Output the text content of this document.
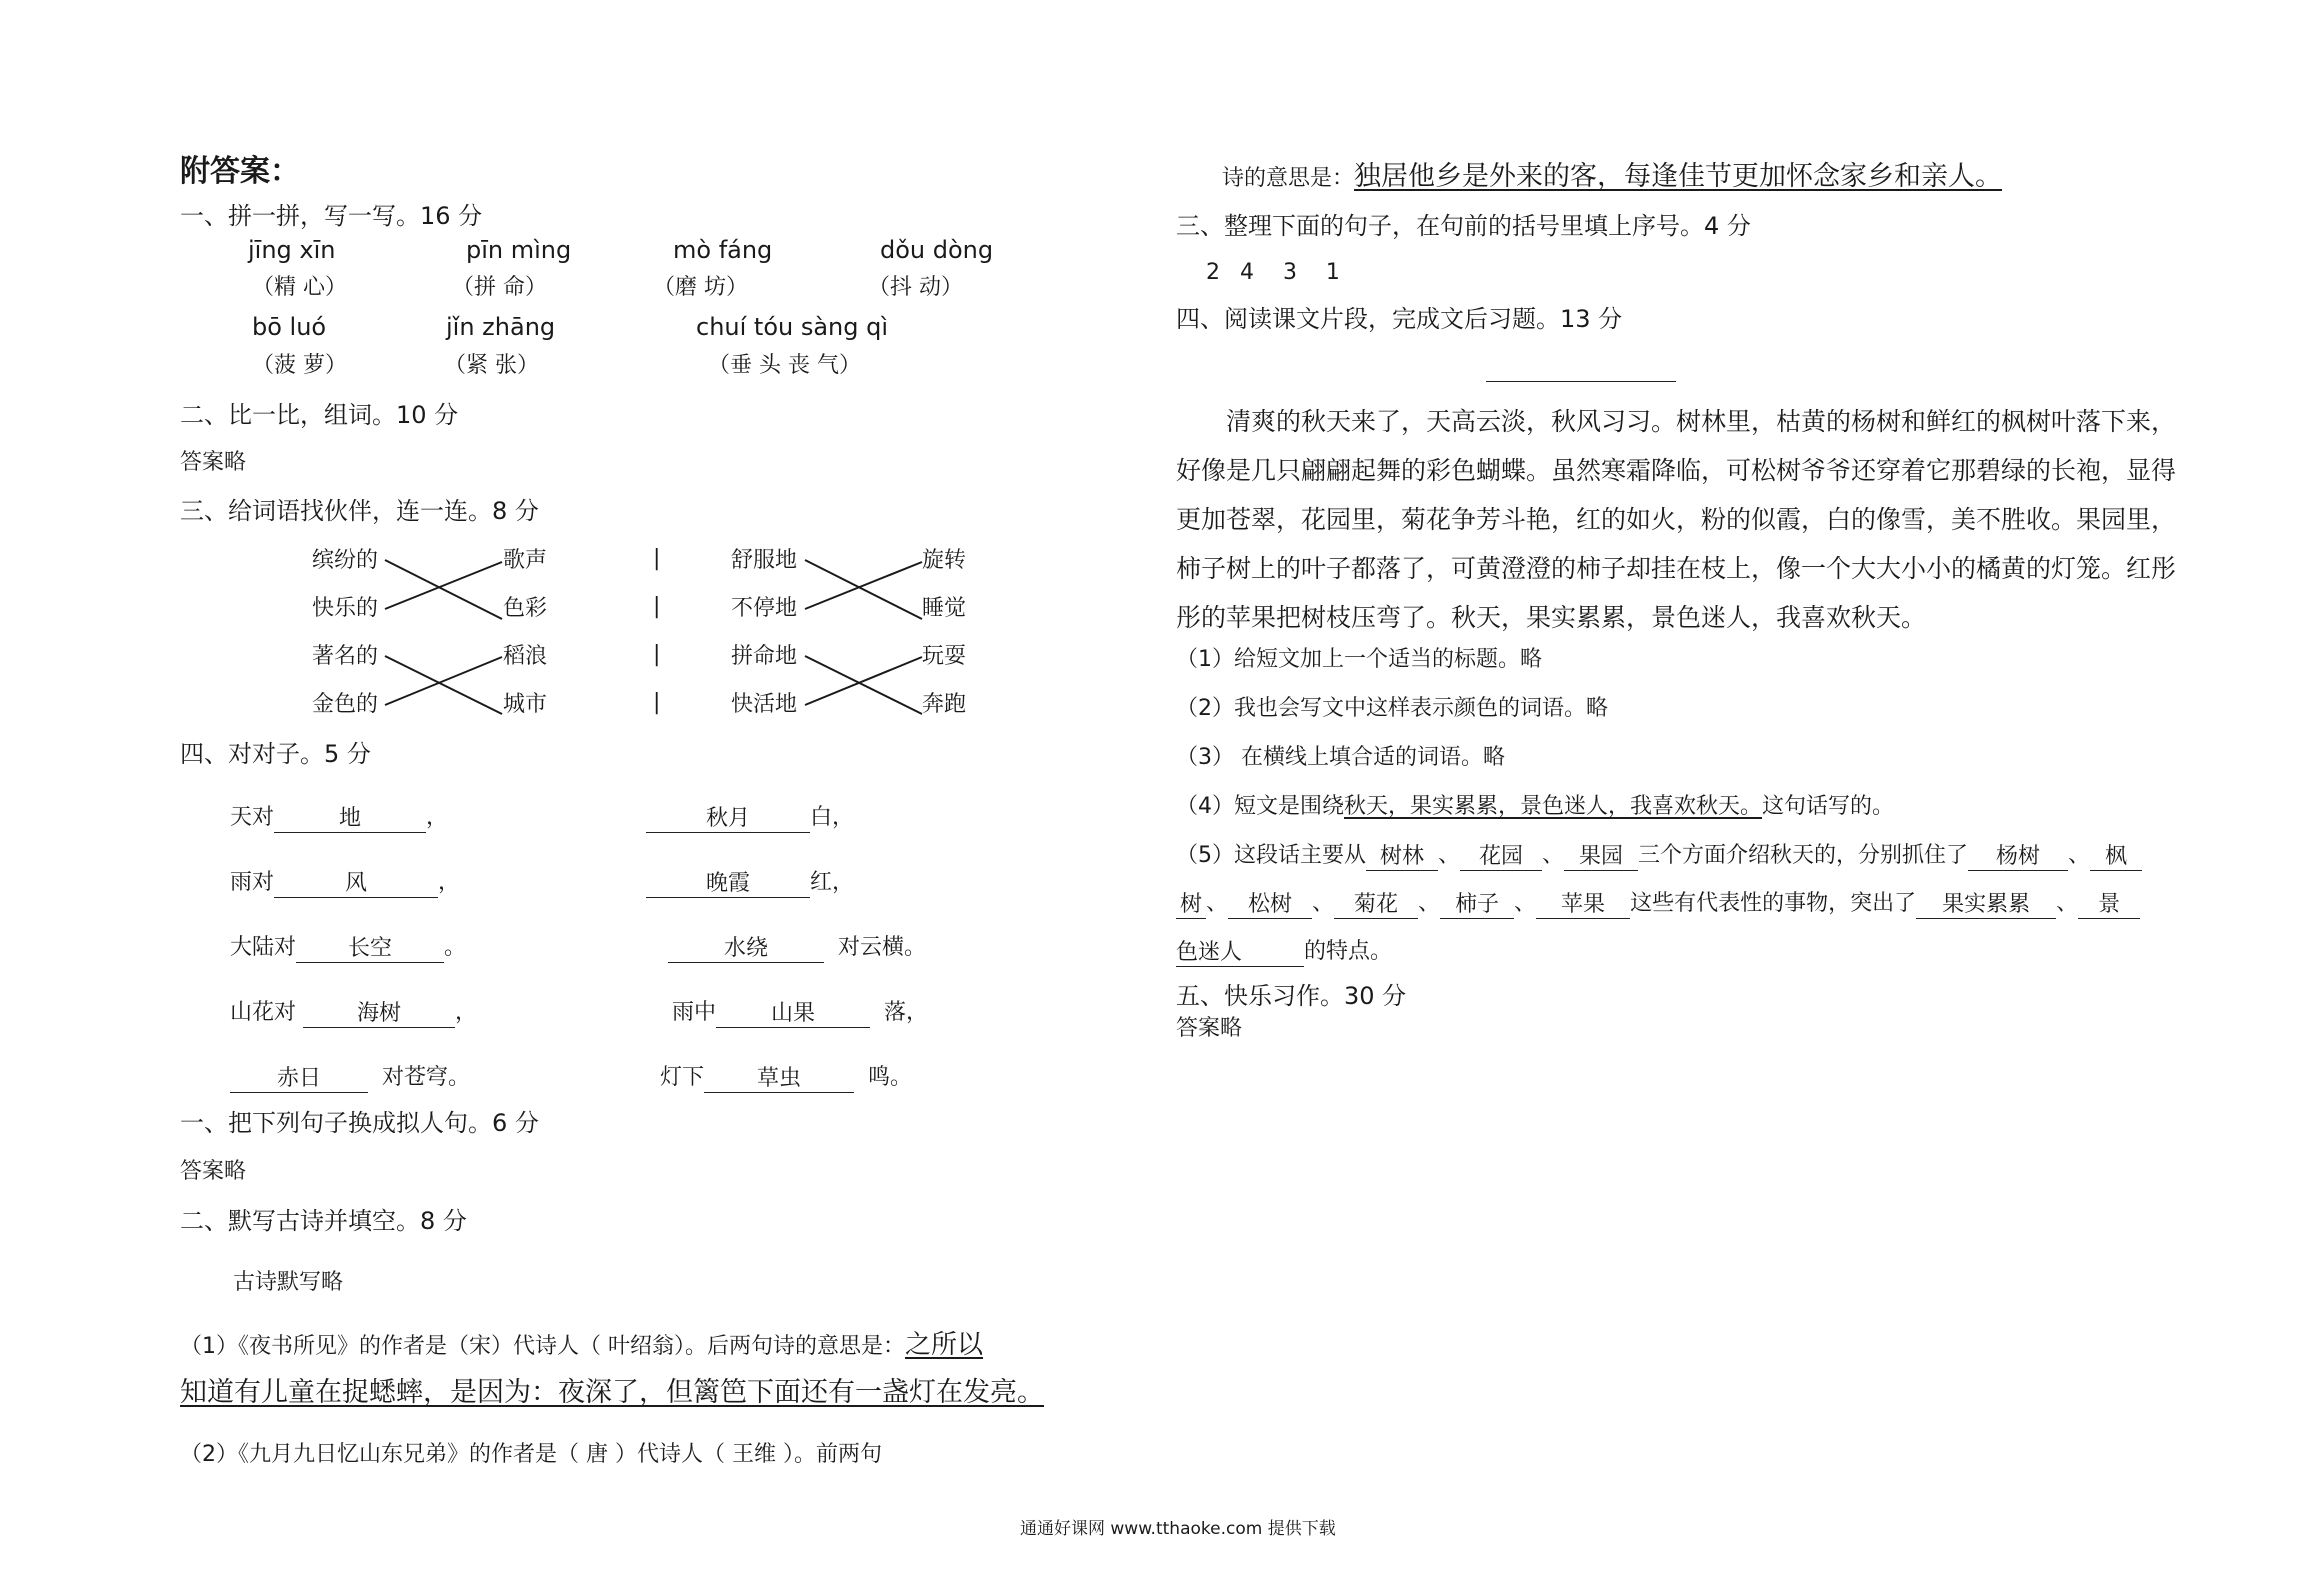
附答案：
一、拼一拼，写一写。16 分
jīng xīn	pīn mìng	mò fáng	dǒu dòng
（精 心）	（拼 命）	（磨 坊）	（抖 动）
bō luó	jǐn zhāng	chuí tóu sàng qì
（菠 萝）	（紧 张）	（垂 头 丧 气）
二、比一比，组词。10 分
答案略
三、给词语找伙伴，连一连。8 分
缤纷的
快乐的
著名的
金色的
歌声
色彩
稻浪
城市
|
|
|
|
舒服地
不停地
拼命地
快活地
旋转
睡觉
玩耍
奔跑
四、对对子。5 分
天对	地	，	秋月	白，
雨对	风	，	晚霞	红，
大陆对 长空 。	水绕	对云横。
山花对	海树 ，	雨中 山果	落，
赤日	对苍穹。	灯下 草虫	鸣。
一、把下列句子换成拟人句。6 分
答案略
二、默写古诗并填空。8 分
古诗默写略
（1）《夜书所见》的作者是（宋）代诗人（ 叶绍翁）。后两句诗的意思是：之所以
知道有儿童在捉蟋蟀，是因为：夜深了，但篱笆下面还有一盏灯在发亮。
（2）《九月九日忆山东兄弟》的作者是（ 唐 ）代诗人（ 王维 ）。前两句
诗的意思是：独居他乡是外来的客，每逢佳节更加怀念家乡和亲人。
三、整理下面的句子，在句前的括号里填上序号。4 分
2  4   3   1
四、阅读课文片段，完成文后习题。13 分

清爽的秋天来了，天高云淡，秋风习习。树林里，枯黄的杨树和鲜红的枫树叶落下来，好像是几只翩翩起舞的彩色蝴蝶。虽然寒霜降临，可松树爷爷还穿着它那碧绿的长袍，显得更加苍翠，花园里，菊花争芳斗艳，红的如火，粉的似霞，白的像雪，美不胜收。果园里，柿子树上的叶子都落了，可黄澄澄的柿子却挂在枝上，像一个大大小小的橘黄的灯笼。红彤彤的苹果把树枝压弯了。秋天，果实累累，景色迷人，我喜欢秋天。

（1）给短文加上一个适当的标题。略
（2）我也会写文中这样表示颜色的词语。略
（3） 在横线上填合适的词语。略
（4）短文是围绕秋天，果实累累，景色迷人，我喜欢秋天。这句话写的。
（5）这段话主要从 树林 、 花园 、 果园 三个方面介绍秋天的，分别抓住了 杨树 、 枫
树 、 松树 、 菊花 、 柿子 、 苹果 这些有代表性的事物，突出了 果实累累 、 景
色迷人	的特点。
五、快乐习作。30 分
答案略
通通好课网 www.tthaoke.com 提供下载
